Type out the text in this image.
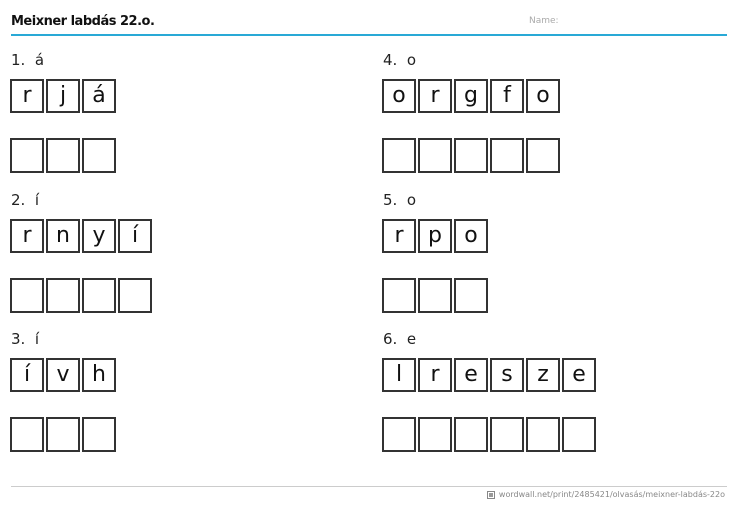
Meixner labdás 22.o.	Name:
1.  á
r	j	á
2.  í
r	n	y	í
3.  í
í	v	h
4.  o
o	r	g	f	o
5.  o
r	p	o
6.  e
l	r	e	s	z	e
wordwall.net/print/2485421/olvasás/meixner-labdás-22o
